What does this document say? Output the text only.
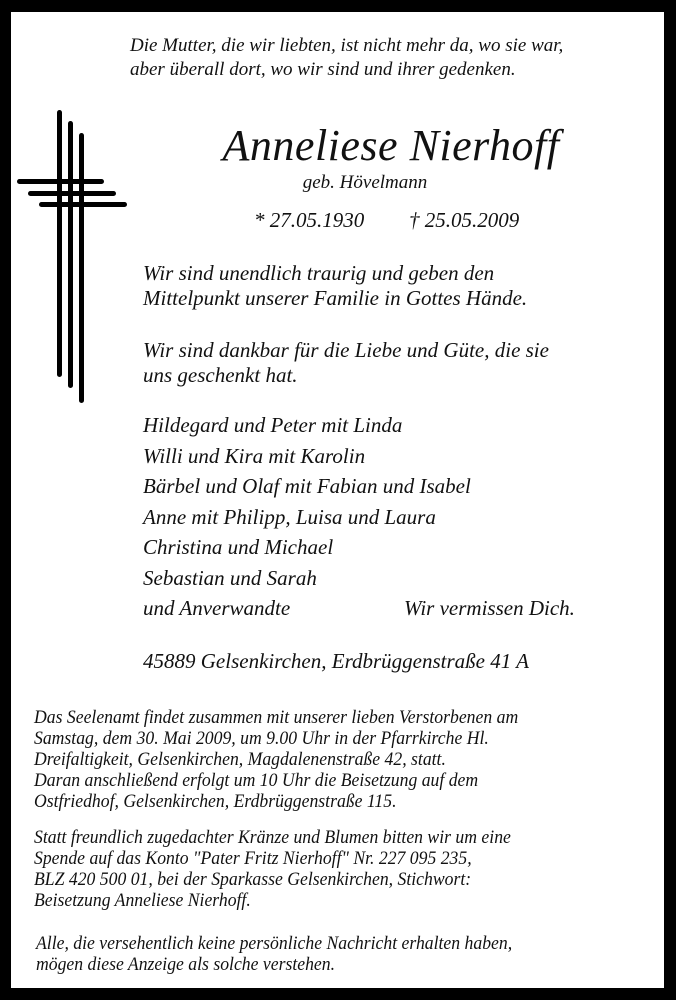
Die Mutter, die wir liebten, ist nicht mehr da, wo sie war,
aber überall dort, wo wir sind und ihrer gedenken.
Anneliese Nierhoff
geb. Hövelmann
* 27.05.1930 † 25.05.2009
Wir sind unendlich traurig und geben den
Mittelpunkt unserer Familie in Gottes Hände.
Wir sind dankbar für die Liebe und Güte, die sie
uns geschenkt hat.
Hildegard und Peter mit Linda
Willi und Kira mit Karolin
Bärbel und Olaf mit Fabian und Isabel
Anne mit Philipp, Luisa und Laura
Christina und Michael
Sebastian und Sarah
und Anverwandte	Wir vermissen Dich.
45889 Gelsenkirchen, Erdbrüggenstraße 41 A
Das Seelenamt findet zusammen mit unserer lieben Verstorbenen am
Samstag, dem 30. Mai 2009, um 9.00 Uhr in der Pfarrkirche Hl.
Dreifaltigkeit, Gelsenkirchen, Magdalenenstraße 42, statt.
Daran anschließend erfolgt um 10 Uhr die Beisetzung auf dem
Ostfriedhof, Gelsenkirchen, Erdbrüggenstraße 115.
Statt freundlich zugedachter Kränze und Blumen bitten wir um eine
Spende auf das Konto "Pater Fritz Nierhoff" Nr. 227 095 235,
BLZ 420 500 01, bei der Sparkasse Gelsenkirchen, Stichwort:
Beisetzung Anneliese Nierhoff.
Alle, die versehentlich keine persönliche Nachricht erhalten haben,
mögen diese Anzeige als solche verstehen.
